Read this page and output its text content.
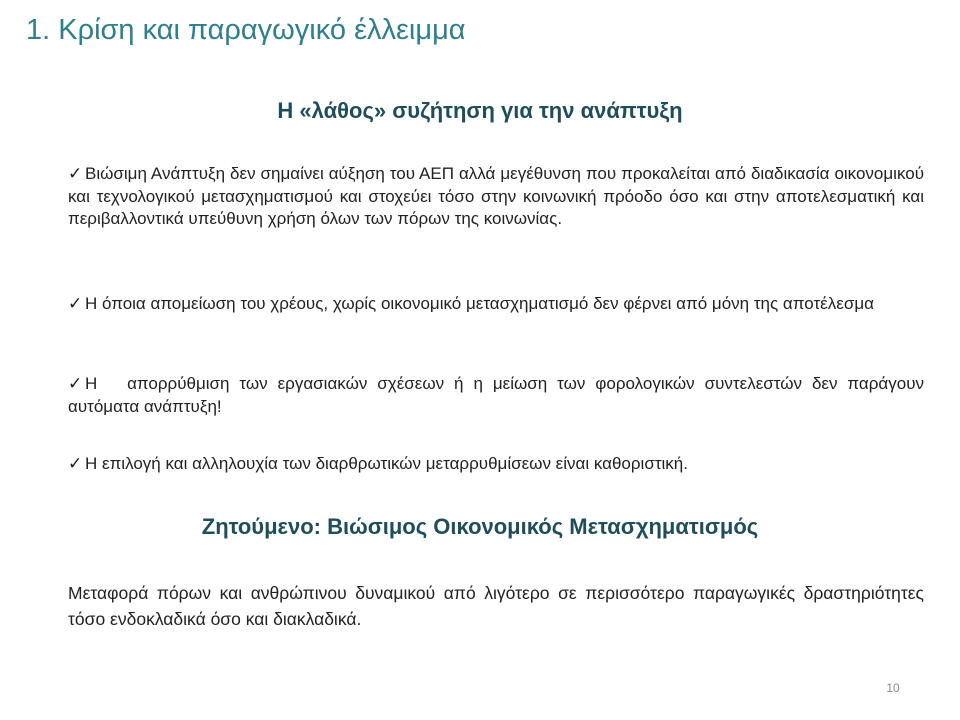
1. Κρίση και παραγωγικό έλλειμμα
Η «λάθος» συζήτηση για την ανάπτυξη

✓ Βιώσιμη Ανάπτυξη δεν σημαίνει αύξηση του ΑΕΠ αλλά μεγέθυνση που προκαλείται από διαδικασία οικονομικού και τεχνολογικού μετασχηματισμού και στοχεύει τόσο στην κοινωνική πρόοδο όσο και στην αποτελεσματική και περιβαλλοντικά υπεύθυνη χρήση όλων των πόρων της κοινωνίας.

✓ Η όποια απομείωση του χρέους, χωρίς οικονομικό μετασχηματισμό δεν φέρνει από μόνη της αποτέλεσμα

✓ Η   απορρύθμιση των εργασιακών σχέσεων ή η μείωση των φορολογικών συντελεστών δεν παράγουν αυτόματα ανάπτυξη!

✓ Η επιλογή και αλληλουχία των διαρθρωτικών μεταρρυθμίσεων είναι καθοριστική.

Ζητούμενο: Βιώσιμος Οικονομικός Μετασχηματισμός

Μεταφορά πόρων και ανθρώπινου δυναμικού από λιγότερο σε περισσότερο παραγωγικές δραστηριότητες τόσο ενδοκλαδικά όσο και διακλαδικά.

10
